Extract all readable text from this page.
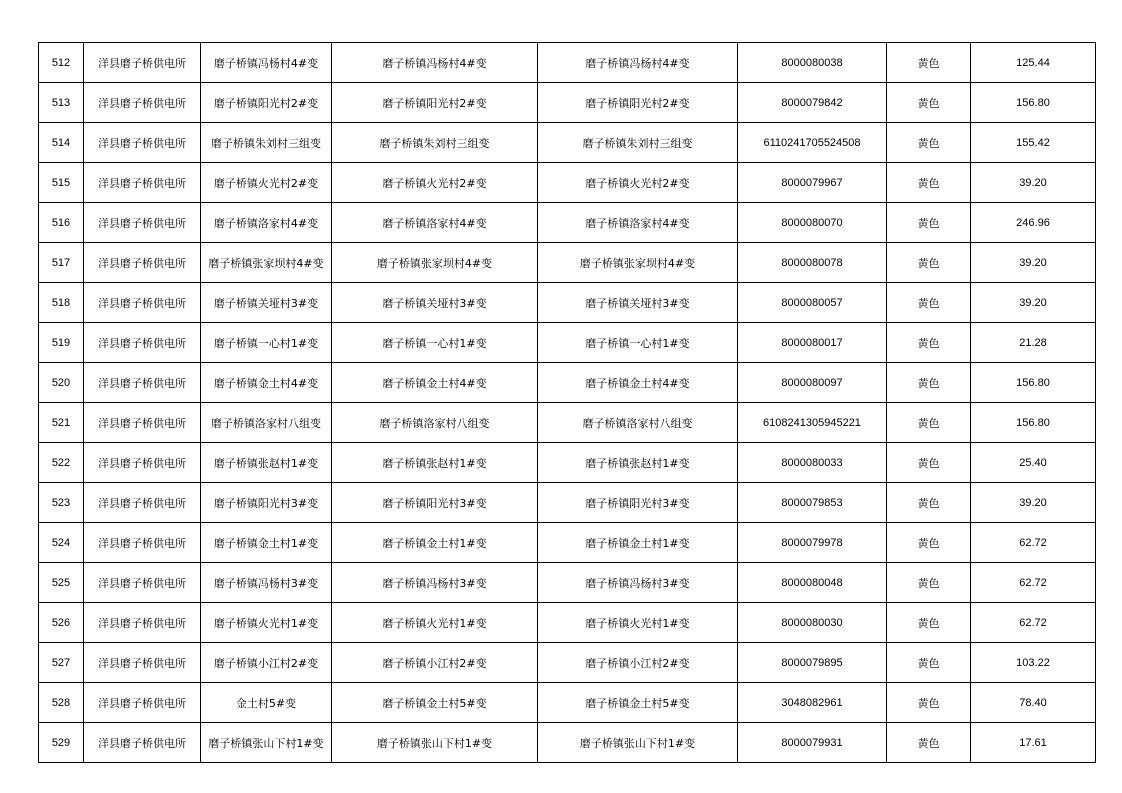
512	洋县磨子桥供电所	磨子桥镇冯杨村4#变	磨子桥镇冯杨村4#变	磨子桥镇冯杨村4#变	8000080038	黄色	125.44
513	洋县磨子桥供电所	磨子桥镇阳光村2#变	磨子桥镇阳光村2#变	磨子桥镇阳光村2#变	8000079842	黄色	156.80
514	洋县磨子桥供电所	磨子桥镇朱刘村三组变	磨子桥镇朱刘村三组变	磨子桥镇朱刘村三组变	6110241705524508	黄色	155.42
515	洋县磨子桥供电所	磨子桥镇火光村2#变	磨子桥镇火光村2#变	磨子桥镇火光村2#变	8000079967	黄色	39.20
516	洋县磨子桥供电所	磨子桥镇洛家村4#变	磨子桥镇洛家村4#变	磨子桥镇洛家村4#变	8000080070	黄色	246.96
517	洋县磨子桥供电所	磨子桥镇张家坝村4#变	磨子桥镇张家坝村4#变	磨子桥镇张家坝村4#变	8000080078	黄色	39.20
518	洋县磨子桥供电所	磨子桥镇关垭村3#变	磨子桥镇关垭村3#变	磨子桥镇关垭村3#变	8000080057	黄色	39.20
519	洋县磨子桥供电所	磨子桥镇一心村1#变	磨子桥镇一心村1#变	磨子桥镇一心村1#变	8000080017	黄色	21.28
520	洋县磨子桥供电所	磨子桥镇金土村4#变	磨子桥镇金土村4#变	磨子桥镇金土村4#变	8000080097	黄色	156.80
521	洋县磨子桥供电所	磨子桥镇洛家村八组变	磨子桥镇洛家村八组变	磨子桥镇洛家村八组变	6108241305945221	黄色	156.80
522	洋县磨子桥供电所	磨子桥镇张赵村1#变	磨子桥镇张赵村1#变	磨子桥镇张赵村1#变	8000080033	黄色	25.40
523	洋县磨子桥供电所	磨子桥镇阳光村3#变	磨子桥镇阳光村3#变	磨子桥镇阳光村3#变	8000079853	黄色	39.20
524	洋县磨子桥供电所	磨子桥镇金土村1#变	磨子桥镇金土村1#变	磨子桥镇金土村1#变	8000079978	黄色	62.72
525	洋县磨子桥供电所	磨子桥镇冯杨村3#变	磨子桥镇冯杨村3#变	磨子桥镇冯杨村3#变	8000080048	黄色	62.72
526	洋县磨子桥供电所	磨子桥镇火光村1#变	磨子桥镇火光村1#变	磨子桥镇火光村1#变	8000080030	黄色	62.72
527	洋县磨子桥供电所	磨子桥镇小江村2#变	磨子桥镇小江村2#变	磨子桥镇小江村2#变	8000079895	黄色	103.22
528	洋县磨子桥供电所	金土村5#变	磨子桥镇金土村5#变	磨子桥镇金土村5#变	3048082961	黄色	78.40
529	洋县磨子桥供电所	磨子桥镇张山下村1#变	磨子桥镇张山下村1#变	磨子桥镇张山下村1#变	8000079931	黄色	17.61
